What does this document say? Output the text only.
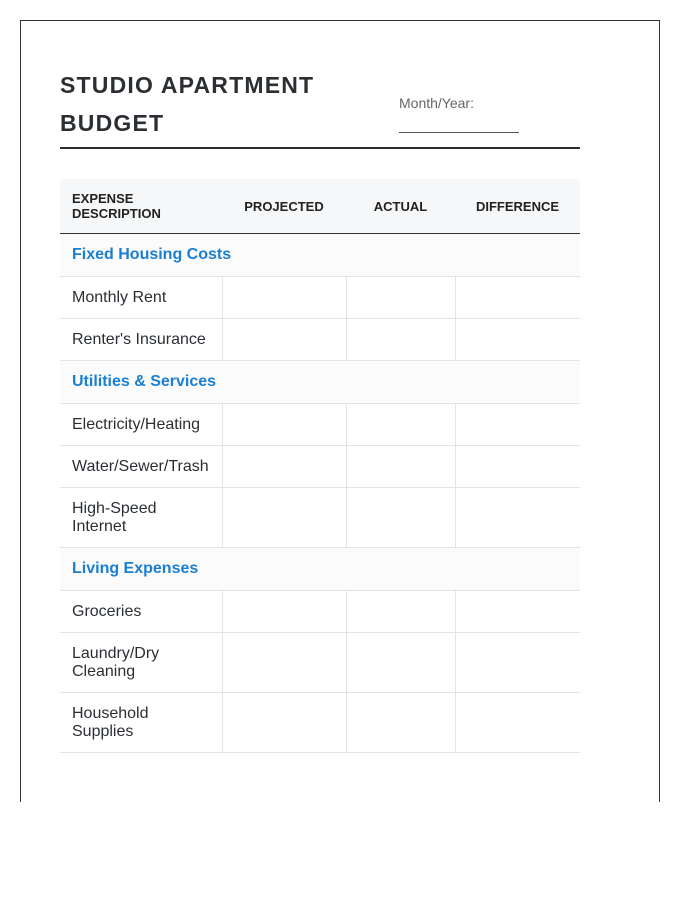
STUDIO APARTMENT BUDGET
Month/Year:
EXPENSE DESCRIPTION	PROJECTED	ACTUAL	DIFFERENCE
Fixed Housing Costs			
Monthly Rent			
Renter's Insurance			
Utilities & Services			
Electricity/Heating			
Water/Sewer/Trash			
High-Speed Internet			
Living Expenses			
Groceries			
Laundry/Dry Cleaning			
Household Supplies			
